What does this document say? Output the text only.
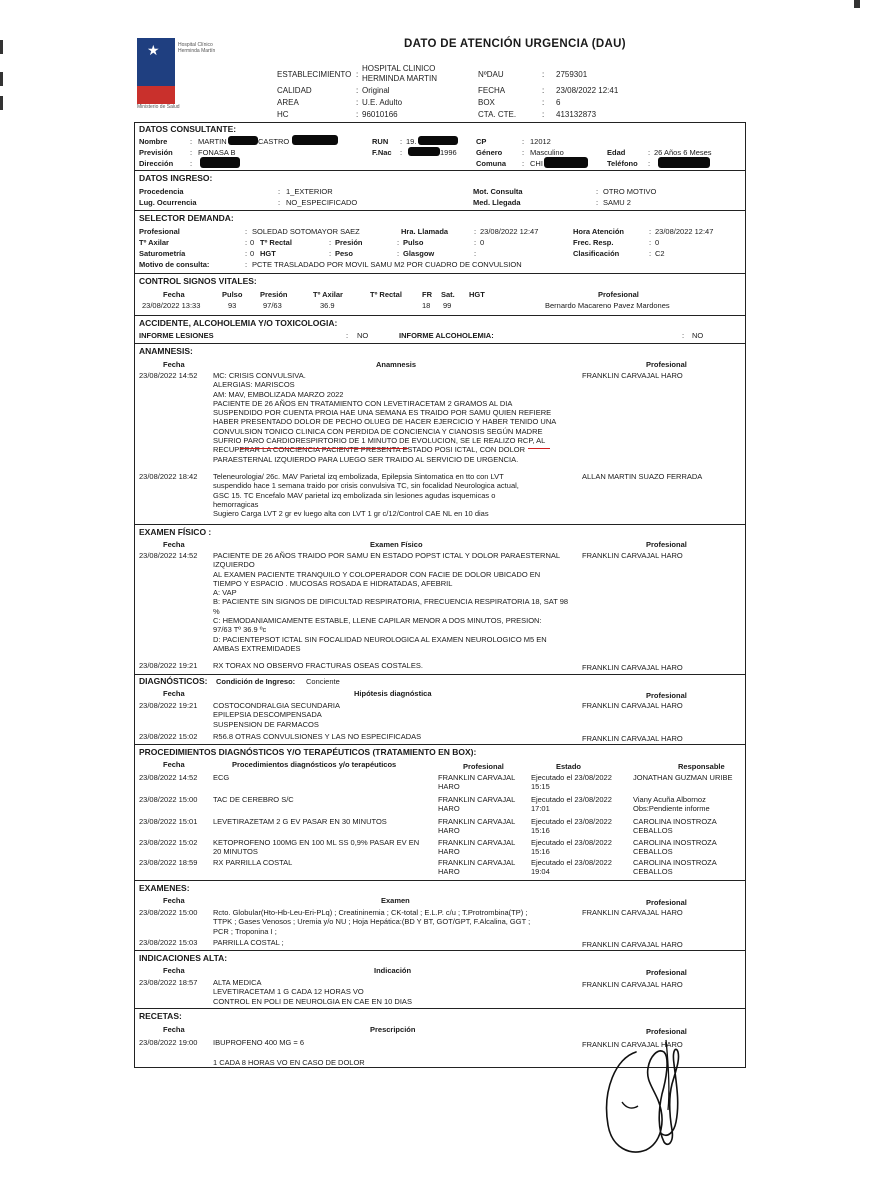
★	Hospital Clínico Herminda Martín
Ministerio de Salud
DATO DE ATENCIÓN URGENCIA (DAU)
ESTABLECIMIENTO :
HOSPITAL CLINICO HERMINDA MARTIN
CALIDAD	: Original
AREA	: U.E. Adulto
HC	: 96010166
NºDAU	: 2759301
FECHA	: 23/08/2022 12:41
BOX	: 6
CTA. CTE.	: 413132873
DATOS CONSULTANTE:
Nombre	: MARTIN	CASTRO	RUN : 19.	CP	: 12012
Previsión : FONASA B	F.Nac :	1996	Género	: Masculino	Edad	: 26 Años 6 Meses
Dirección :	Comuna : CHI	Teléfono :
DATOS INGRESO:
Procedencia	: 1_EXTERIOR	Mot. Consulta	: OTRO MOTIVO
Lug. Ocurrencia	: NO_ESPECIFICADO	Med. Llegada	: SAMU 2
SELECTOR DEMANDA:
Profesional	: SOLEDAD SOTOMAYOR SAEZ	Hra. Llamada	: 23/08/2022 12:47	Hora Atención	: 23/08/2022 12:47
Tº Axilar	: 0 Tº Rectal	: Presión	: Pulso	: 0	Frec. Resp.	: 0
Saturometría	: 0 HGT	: Peso	: Glasgow	:	Clasificación	: C2
Motivo de consulta:	: PCTE TRASLADADO POR MOVIL SAMU M2 POR CUADRO DE CONVULSION
CONTROL SIGNOS VITALES:
Fecha	Pulso Presión	Tº Axilar	Tº Rectal	FR Sat. HGT	Profesional
23/08/2022 13:33	93	97/63	36.9	18 99	Bernardo Macareno Pavez Mardones
ACCIDENTE, ALCOHOLEMIA Y/O TOXICOLOGIA:
INFORME LESIONES	: NO	INFORME ALCOHOLEMIA:	: NO
ANAMNESIS:
Fecha	Anamnesis	Profesional
23/08/2022 14:52 MC: CRISIS CONVULSIVA.
ALERGIAS: MARISCOS
AM: MAV, EMBOLIZADA MARZO 2022
PACIENTE DE 26 AÑOS EN TRATAMIENTO CON LEVETIRACETAM 2 GRAMOS AL DIA
SUSPENDIDO POR CUENTA PROIA HAE UNA SEMANA ES TRAIDO POR SAMU QUIEN REFIERE
HABER PRESENTADO DOLOR DE PECHO OLUEG DE HACER EJERCICIO Y HABER TENIDO UNA
CONVULSION TONICO CLINICA CON PERDIDA DE CONCIENCIA Y CIANOSIS SEGÚN MADRE
SUFRIO PARO CARDIORESPIRTORIO DE 1 MINUTO DE EVOLUCION, SE LE REALIZO RCP, AL
RECUPERAR LA CONCIENCIA PACIENTE PRESENTA ESTADO POSI ICTAL, CON DOLOR
PARAESTERNAL IZQUIERDO PARA LUEGO SER TRAIDO AL SERVICIO DE URGENCIA.
FRANKLIN CARVAJAL HARO
23/08/2022 18:42 Teleneurologia/ 26c. MAV Parietal izq embolizada, Epilepsia Sintomatica en tto con LVT
suspendido hace 1 semana traido por crisis convulsiva TC, sin focalidad Neurologica actual,
GSC 15. TC Encefalo MAV parietal izq embolizada sin lesiones agudas isquemicas o
hemorragicas
Sugiero Carga LVT 2 gr ev luego alta con LVT 1 gr c/12/Control CAE NL en 10 dias
ALLAN MARTIN SUAZO FERRADA
EXAMEN FÍSICO :
Fecha	Examen Físico	Profesional
23/08/2022 14:52 PACIENTE DE 26 AÑOS TRAIDO POR SAMU EN ESTADO POPST ICTAL Y DOLOR PARAESTERNAL
IZQUIERDO
AL EXAMEN PACIENTE TRANQUILO Y COLOPERADOR CON FACIE DE DOLOR UBICADO EN
TIEMPO Y ESPACIO . MUCOSAS ROSADA E HIDRATADAS, AFEBRIL
A: VAP
B: PACIENTE SIN SIGNOS DE DIFICULTAD RESPIRATORIA, FRECUENCIA RESPIRATORIA 18, SAT 98
%
C: HEMODANIAMICAMENTE ESTABLE, LLENE CAPILAR MENOR A DOS MINUTOS, PRESION:
97/63 Tº 36.9 ºc
D: PACIENTEPSOT ICTAL SIN FOCALIDAD NEUROLOGICA AL EXAMEN NEUROLOGICO M5 EN
AMBAS EXTREMIDADES
FRANKLIN CARVAJAL HARO
23/08/2022 19:21 RX TORAX NO OBSERVO FRACTURAS OSEAS COSTALES.	FRANKLIN CARVAJAL HARO
DIAGNÓSTICOS: Condición de Ingreso: Conciente
Fecha	Hipótesis diagnóstica	Profesional
23/08/2022 19:21 COSTOCONDRALGIA SECUNDARIA
EPILEPSIA DESCOMPENSADA
SUSPENSION DE FARMACOS
FRANKLIN CARVAJAL HARO
23/08/2022 15:02 R56.8 OTRAS CONVULSIONES Y LAS NO ESPECIFICADAS	FRANKLIN CARVAJAL HARO
PROCEDIMIENTOS DIAGNÓSTICOS Y/O TERAPÉUTICOS (TRATAMIENTO EN BOX):
Fecha	Procedimientos diagnósticos y/o terapéuticos	Profesional	Estado	Responsable
23/08/2022 14:52 ECG	FRANKLIN CARVAJAL
HARO
Ejecutado el 23/08/2022
15:15
JONATHAN GUZMAN URIBE
23/08/2022 15:00 TAC DE CEREBRO S/C	FRANKLIN CARVAJAL
HARO
Ejecutado el 23/08/2022
17:01
Viany Acuña Albornoz
Obs:Pendiente informe
23/08/2022 15:01 LEVETIRAZETAM 2 G EV PASAR EN 30 MINUTOS	FRANKLIN CARVAJAL
HARO
Ejecutado el 23/08/2022
15:16
CAROLINA INOSTROZA
CEBALLOS
23/08/2022 15:02 KETOPROFENO 100MG EN 100 ML SS 0,9% PASAR EV EN
20 MINUTOS
FRANKLIN CARVAJAL
HARO
Ejecutado el 23/08/2022
15:16
CAROLINA INOSTROZA
CEBALLOS
23/08/2022 18:59 RX PARRILLA COSTAL	FRANKLIN CARVAJAL
HARO
Ejecutado el 23/08/2022
19:04
CAROLINA INOSTROZA
CEBALLOS
EXAMENES:
Fecha	Examen	Profesional
23/08/2022 15:00 Rcto. Globular(Hto-Hb-Leu-Eri-PLq) ; Creatininemia ; CK-total ; E.L.P. c/u ; T.Protrombina(TP) ;
TTPK ; Gases Venosos ; Uremia y/o NU ; Hoja Hepática:(BD Y BT, GOT/GPT, F.Alcalina, GGT ;
PCR ; Troponina I ;
FRANKLIN CARVAJAL HARO
23/08/2022 15:03 PARRILLA COSTAL ;	FRANKLIN CARVAJAL HARO
INDICACIONES ALTA:
Fecha	Indicación	Profesional
23/08/2022 18:57 ALTA MEDICA
LEVETIRACETAM 1 G CADA 12 HORAS VO
CONTROL EN POLI DE NEUROLGIA EN CAE EN 10 DIAS
FRANKLIN CARVAJAL HARO
RECETAS:
Fecha	Prescripción	Profesional
23/08/2022 19:00 IBUPROFENO 400 MG = 6	FRANKLIN CARVAJAL HARO
1 CADA 8 HORAS VO EN CASO DE DOLOR
